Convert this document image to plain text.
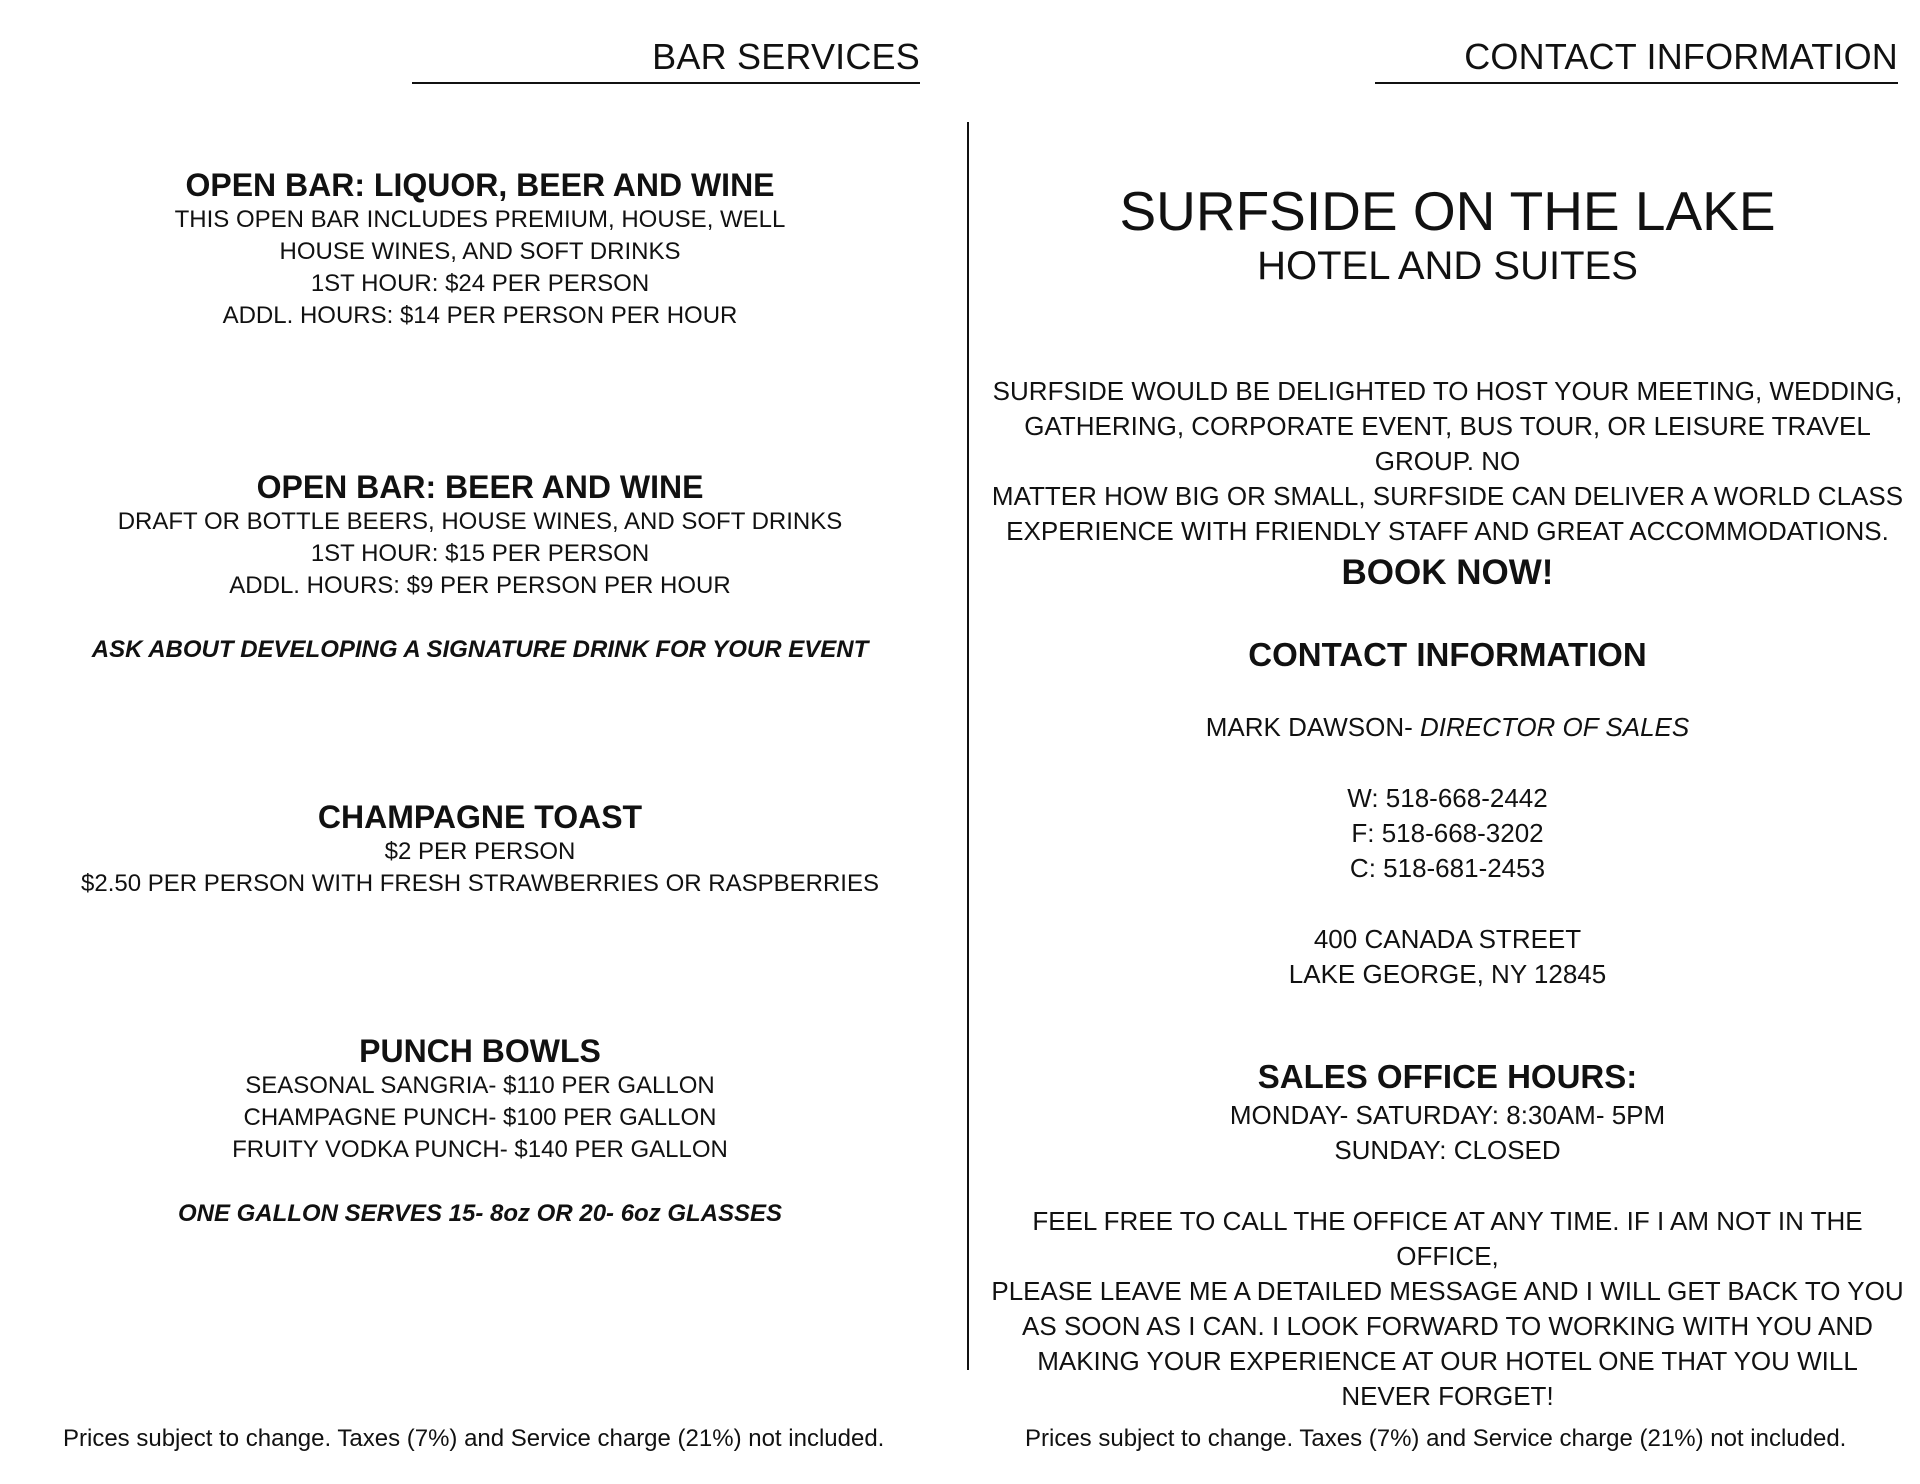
BAR SERVICES	CONTACT INFORMATION
OPEN BAR: LIQUOR, BEER AND WINE
THIS OPEN BAR INCLUDES PREMIUM, HOUSE, WELL
HOUSE WINES, AND SOFT DRINKS
1ST HOUR: $24 PER PERSON
ADDL. HOURS: $14 PER PERSON PER HOUR
OPEN BAR: BEER AND WINE
DRAFT OR BOTTLE BEERS, HOUSE WINES, AND SOFT DRINKS
1ST HOUR: $15 PER PERSON
ADDL. HOURS: $9 PER PERSON PER HOUR
ASK ABOUT DEVELOPING A SIGNATURE DRINK FOR YOUR EVENT
CHAMPAGNE TOAST
$2 PER PERSON
$2.50 PER PERSON WITH FRESH STRAWBERRIES OR RASPBERRIES
PUNCH BOWLS
SEASONAL SANGRIA- $110 PER GALLON
CHAMPAGNE PUNCH- $100 PER GALLON
FRUITY VODKA PUNCH- $140 PER GALLON
ONE GALLON SERVES 15- 8oz OR 20- 6oz GLASSES
SURFSIDE ON THE LAKE
HOTEL AND SUITES
SURFSIDE WOULD BE DELIGHTED TO HOST YOUR MEETING, WEDDING,
GATHERING, CORPORATE EVENT, BUS TOUR, OR LEISURE TRAVEL GROUP. NO
MATTER HOW BIG OR SMALL, SURFSIDE CAN DELIVER A WORLD CLASS
EXPERIENCE WITH FRIENDLY STAFF AND GREAT ACCOMMODATIONS.
BOOK NOW!
CONTACT INFORMATION
MARK DAWSON- DIRECTOR OF SALES
W: 518-668-2442
F: 518-668-3202
C: 518-681-2453
400 CANADA STREET
LAKE GEORGE, NY 12845
SALES OFFICE HOURS:
MONDAY- SATURDAY: 8:30AM- 5PM
SUNDAY: CLOSED
FEEL FREE TO CALL THE OFFICE AT ANY TIME. IF I AM NOT IN THE OFFICE,
PLEASE LEAVE ME A DETAILED MESSAGE AND I WILL GET BACK TO YOU
AS SOON AS I CAN. I LOOK FORWARD TO WORKING WITH YOU AND
MAKING YOUR EXPERIENCE AT OUR HOTEL ONE THAT YOU WILL
NEVER FORGET!
Prices subject to change. Taxes (7%) and Service charge (21%) not included.	Prices subject to change. Taxes (7%) and Service charge (21%) not included.
